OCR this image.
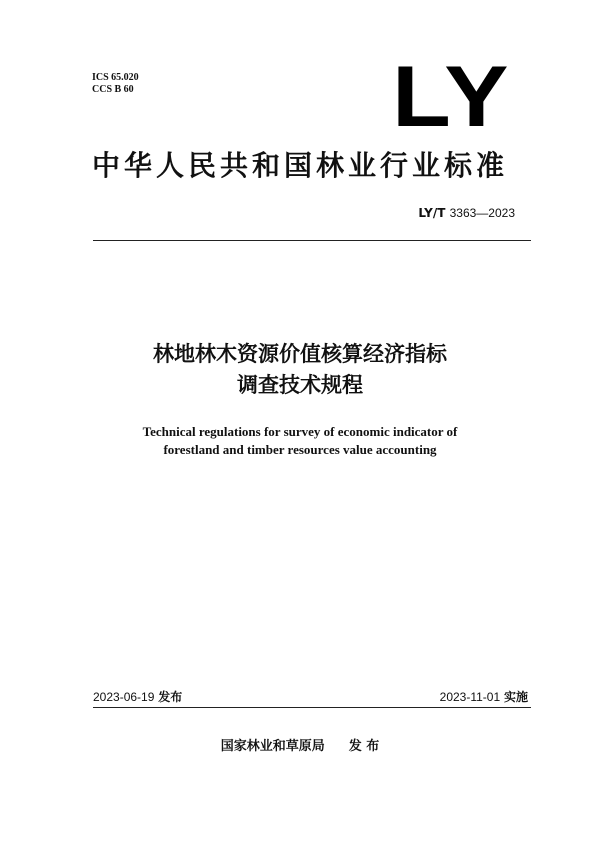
ICS 65.020
CCS B 60	LY
中华人民共和国林业行业标准
LY/T 3363—2023
林地林木资源价值核算经济指标
调查技术规程
Technical regulations for survey of economic indicator of
forestland and timber resources value accounting
2023-06-19 发布	2023-11-01 实施
国家林业和草原局 发 布
